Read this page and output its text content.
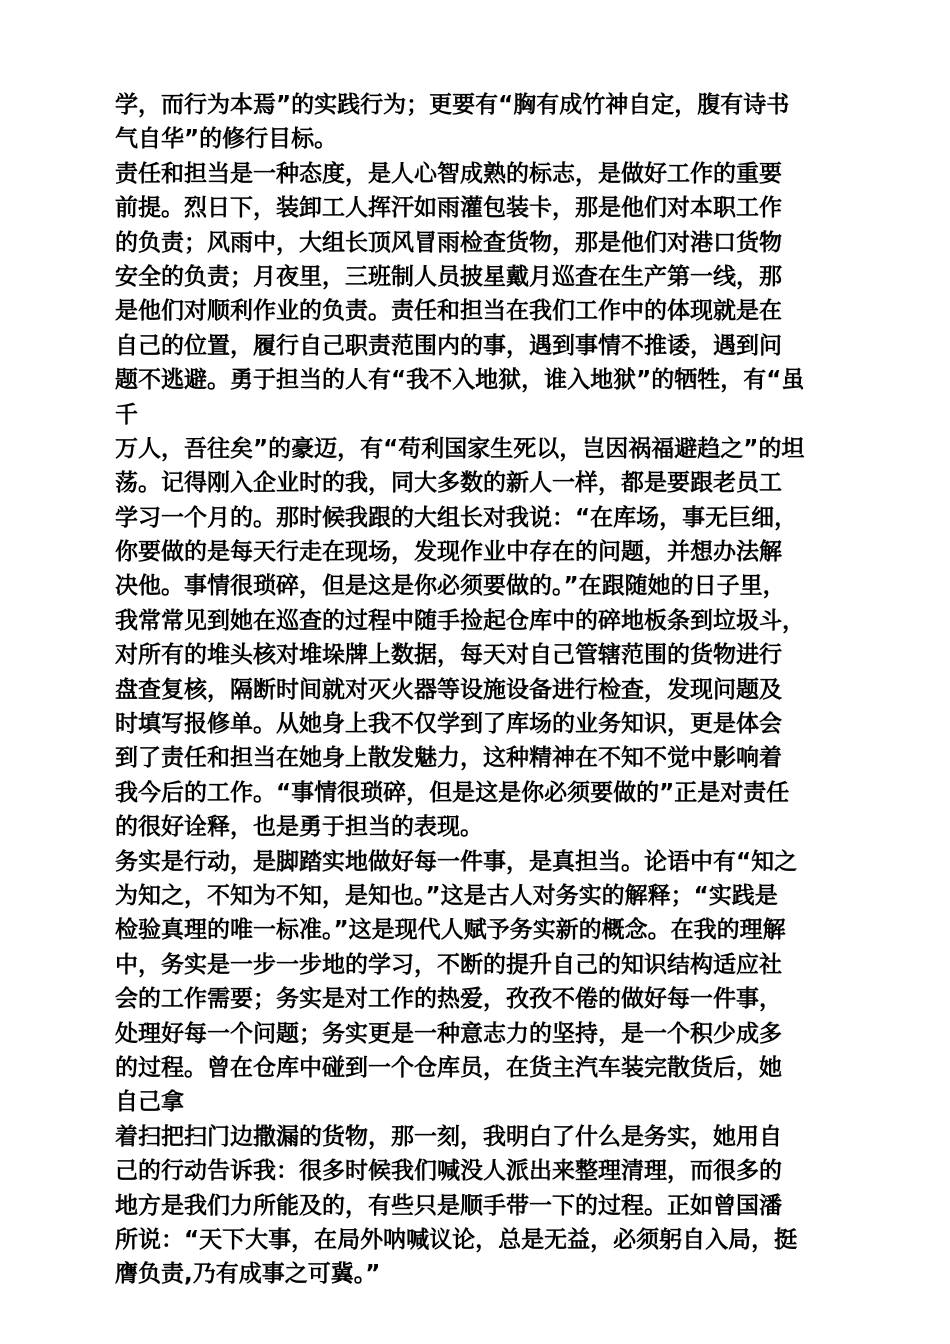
学，而行为本焉”的实践行为；更要有“胸有成竹神自定，腹有诗书
气自华”的修行目标。
责任和担当是一种态度，是人心智成熟的标志，是做好工作的重要
前提。烈日下，装卸工人挥汗如雨灌包装卡，那是他们对本职工作
的负责；风雨中，大组长顶风冒雨检查货物，那是他们对港口货物
安全的负责；月夜里，三班制人员披星戴月巡查在生产第一线，那
是他们对顺利作业的负责。责任和担当在我们工作中的体现就是在
自己的位置，履行自己职责范围内的事，遇到事情不推诿，遇到问
题不逃避。勇于担当的人有“我不入地狱，谁入地狱”的牺牲，有“虽
千
万人，吾往矣”的豪迈，有“苟利国家生死以，岂因祸福避趋之”的坦
荡。记得刚入企业时的我，同大多数的新人一样，都是要跟老员工
学习一个月的。那时候我跟的大组长对我说：“在库场，事无巨细，
你要做的是每天行走在现场，发现作业中存在的问题，并想办法解
决他。事情很琐碎，但是这是你必须要做的。”在跟随她的日子里，
我常常见到她在巡查的过程中随手捡起仓库中的碎地板条到垃圾斗，
对所有的堆头核对堆垛牌上数据，每天对自己管辖范围的货物进行
盘查复核，隔断时间就对灭火器等设施设备进行检查，发现问题及
时填写报修单。从她身上我不仅学到了库场的业务知识，更是体会
到了责任和担当在她身上散发魅力，这种精神在不知不觉中影响着
我今后的工作。“事情很琐碎，但是这是你必须要做的”正是对责任
的很好诠释，也是勇于担当的表现。
务实是行动，是脚踏实地做好每一件事，是真担当。论语中有“知之
为知之，不知为不知，是知也。”这是古人对务实的解释；“实践是
检验真理的唯一标准。”这是现代人赋予务实新的概念。在我的理解
中，务实是一步一步地的学习，不断的提升自己的知识结构适应社
会的工作需要；务实是对工作的热爱，孜孜不倦的做好每一件事，
处理好每一个问题；务实更是一种意志力的坚持，是一个积少成多
的过程。曾在仓库中碰到一个仓库员，在货主汽车装完散货后，她
自己拿
着扫把扫门边撒漏的货物，那一刻，我明白了什么是务实，她用自
己的行动告诉我：很多时候我们喊没人派出来整理清理，而很多的
地方是我们力所能及的，有些只是顺手带一下的过程。正如曾国潘
所说：“天下大事，在局外呐喊议论，总是无益，必须躬自入局，挺
膺负责,乃有成事之可冀。”
